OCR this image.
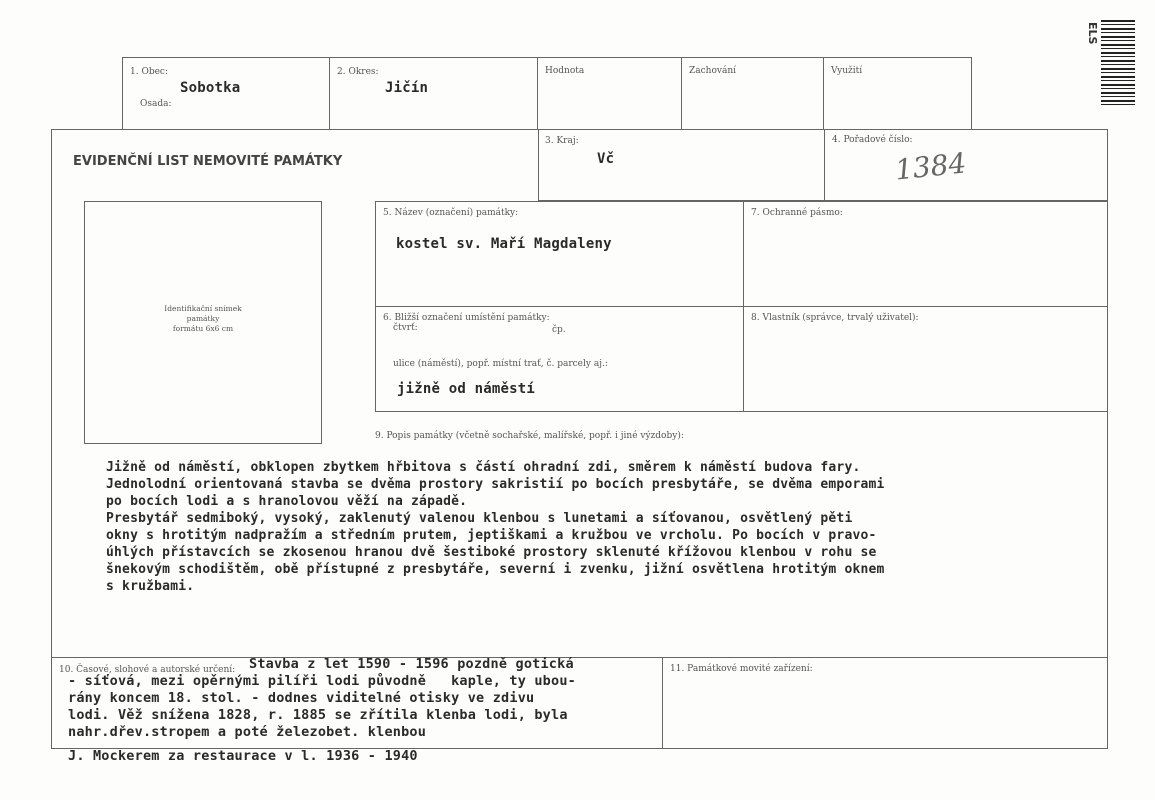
ELS
1. Obec:
Sobotka
Osada:
2. Okres:
Jičín
Hodnota	Zachování	Využití
EVIDENČNÍ LIST NEMOVITÉ PAMÁTKY
3. Kraj:
Vč
4. Pořadové číslo:
1384
Identifikační snímek
památky
formátu 6x6 cm
5. Název (označení) památky:
kostel sv. Maří Magdaleny
7. Ochranné pásmo:
6. Bližší označení umístění památky:
čtvrť:	čp.
ulice (náměstí), popř. místní trať, č. parcely aj.:
jižně od náměstí
8. Vlastník (správce, trvalý uživatel):
9. Popis památky (včetně sochařské, malířské, popř. i jiné výzdoby):
Jižně od náměstí, obklopen zbytkem hřbitova s částí ohradní zdi, směrem k náměstí budova fary.
Jednolodní orientovaná stavba se dvěma prostory sakristií po bocích presbytáře, se dvěma emporami
po bocích lodi a s hranolovou věží na západě.
Presbytář sedmiboký, vysoký, zaklenutý valenou klenbou s lunetami a síťovanou, osvětlený pěti
okny s hrotitým nadpražím a středním prutem, jeptiškami a kružbou ve vrcholu. Po bocích v pravo-
úhlých přístavcích se zkosenou hranou dvě šestiboké prostory sklenuté křížovou klenbou v rohu se
šnekovým schodištěm, obě přístupné z presbytáře, severní i zvenku, jižní osvětlena hrotitým oknem
s kružbami.
10. Časové, slohové a autorské určení:	11. Památkové movité zařízení:
Stavba z let 1590 - 1596 pozdně gotická
- síťová, mezi opěrnými pilíři lodi původně   kaple, ty ubou-
rány koncem 18. stol. - dodnes viditelné otisky ve zdivu
lodi. Věž snížena 1828, r. 1885 se zřítila klenba lodi, byla
nahr.dřev.stropem a poté železobet. klenbou
J. Mockerem za restaurace v l. 1936 - 1940
